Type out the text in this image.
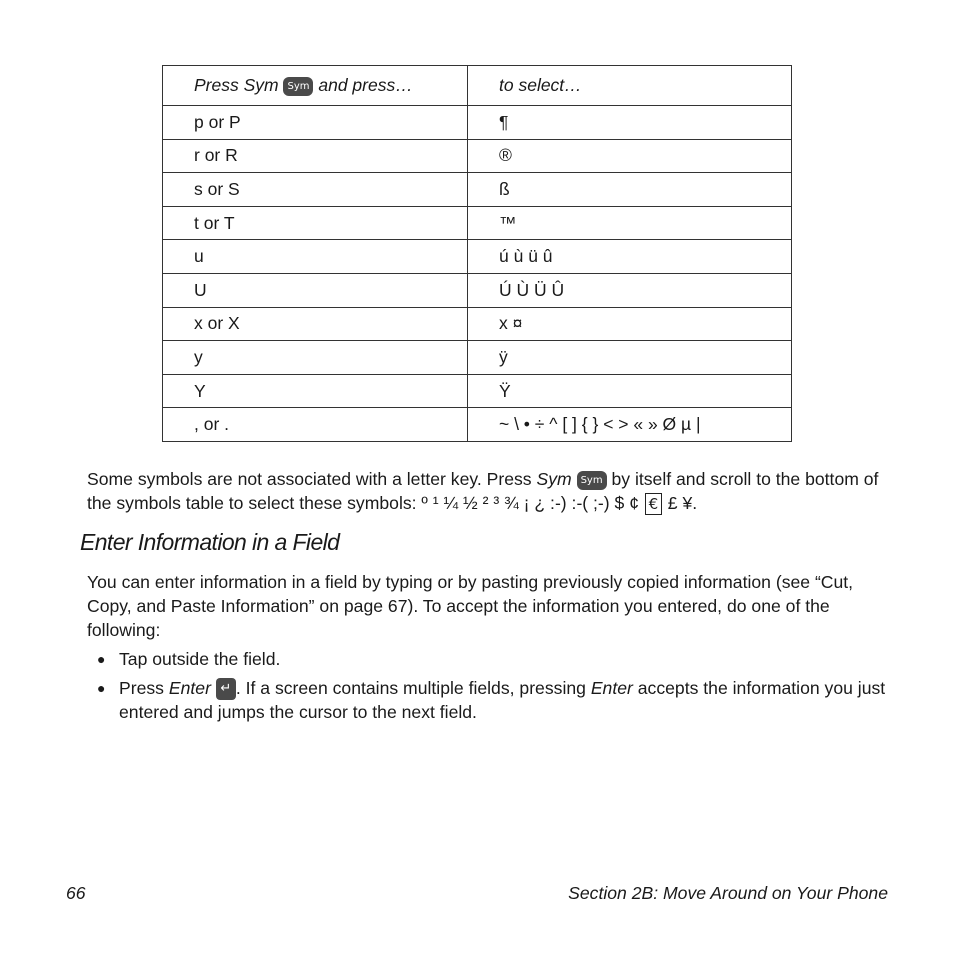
Press Sym Sym and press…	to select…
p or P	¶
r or R	®
s or S	ß
t or T	™
u	ú ù ü û
U	Ú Ù Ü Û
x or X	x ¤
y	ÿ
Y	Ÿ
, or .	~ \ • ÷ ^ [ ] { } < > « » Ø µ |

Some symbols are not associated with a letter key. Press Sym Sym by itself and scroll to the bottom of the symbols table to select these symbols: º ¹ ¼ ½ ² ³ ¾ ¡ ¿ :-) :-( ;-) $ ¢ € £ ¥.

Enter Information in a Field

You can enter information in a field by typing or by pasting previously copied information (see “Cut, Copy, and Paste Information” on page 67). To accept the information you entered, do one of the following:

● Tap outside the field.
● Press Enter ↵ . If a screen contains multiple fields, pressing Enter accepts the information you just entered and jumps the cursor to the next field.
66	Section 2B: Move Around on Your Phone
